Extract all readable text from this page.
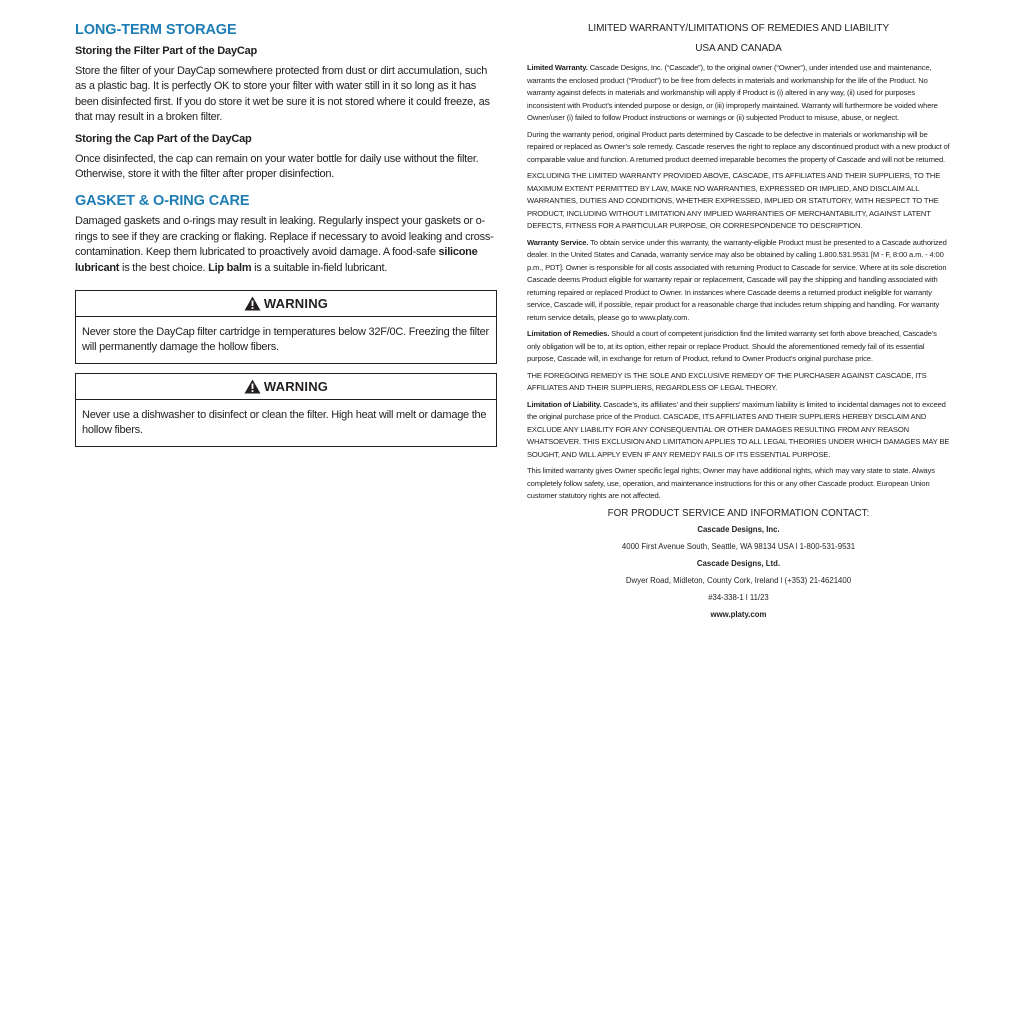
LONG-TERM STORAGE
Storing the Filter Part of the DayCap

Store the filter of your DayCap somewhere protected from dust or dirt accumulation, such as a plastic bag. It is perfectly OK to store your filter with water still in it so long as it has been disinfected first. If you do store it wet be sure it is not stored where it could freeze, as that may result in a broken filter.

Storing the Cap Part of the DayCap

Once disinfected, the cap can remain on your water bottle for daily use without the filter. Otherwise, store it with the filter after proper disinfection.

GASKET & O-RING CARE

Damaged gaskets and o-rings may result in leaking. Regularly inspect your gaskets or o-rings to see if they are cracking or flaking. Replace if necessary to avoid leaking and cross-contamination. Keep them lubricated to proactively avoid damage. A food-safe silicone lubricant is the best choice. Lip balm is a suitable in-field lubricant.

WARNING
Never store the DayCap filter cartridge in temperatures below 32F/0C. Freezing the filter will permanently damage the hollow fibers.
WARNING
Never use a dishwasher to disinfect or clean the filter. High heat will melt or damage the hollow fibers.
LIMITED WARRANTY/LIMITATIONS OF REMEDIES AND LIABILITY
USA AND CANADA

Limited Warranty. Cascade Designs, Inc. (“Cascade”), to the original owner (“Owner”), under intended use and maintenance, warrants the enclosed product (“Product”) to be free from defects in materials and workmanship for the life of the Product. No warranty against defects in materials and workmanship will apply if Product is (i) altered in any way, (ii) used for purposes inconsistent with Product’s intended purpose or design, or (iii) improperly maintained. Warranty will furthermore be voided where Owner/user (i) failed to follow Product instructions or warnings or (ii) subjected Product to misuse, abuse, or neglect.

During the warranty period, original Product parts determined by Cascade to be defective in materials or workmanship will be repaired or replaced as Owner’s sole remedy. Cascade reserves the right to replace any discontinued product with a new product of comparable value and function. A returned product deemed irreparable becomes the property of Cascade and will not be returned.

EXCLUDING THE LIMITED WARRANTY PROVIDED ABOVE, CASCADE, ITS AFFILIATES AND THEIR SUPPLIERS, TO THE MAXIMUM EXTENT PERMITTED BY LAW, MAKE NO WARRANTIES, EXPRESSED OR IMPLIED, AND DISCLAIM ALL WARRANTIES, DUTIES AND CONDITIONS, WHETHER EXPRESSED, IMPLIED OR STATUTORY, WITH RESPECT TO THE PRODUCT, INCLUDING WITHOUT LIMITATION ANY IMPLIED WARRANTIES OF MERCHANTABILITY, AGAINST LATENT DEFECTS, FITNESS FOR A PARTICULAR PURPOSE, OR CORRESPONDENCE TO DESCRIPTION.

Warranty Service. To obtain service under this warranty, the warranty-eligible Product must be presented to a Cascade authorized dealer. In the United States and Canada, warranty service may also be obtained by calling 1.800.531.9531 [M - F, 8:00 a.m. - 4:00 p.m., PDT]. Owner is responsible for all costs associated with returning Product to Cascade for service. Where at its sole discretion Cascade deems Product eligible for warranty repair or replacement, Cascade will pay the shipping and handling associated with returning repaired or replaced Product to Owner. In instances where Cascade deems a returned product ineligible for warranty service, Cascade will, if possible, repair product for a reasonable charge that includes return shipping and handling. For warranty return service details, please go to www.platy.com.

Limitation of Remedies. Should a court of competent jurisdiction find the limited warranty set forth above breached, Cascade’s only obligation will be to, at its option, either repair or replace Product. Should the aforementioned remedy fail of its essential purpose, Cascade will, in exchange for return of Product, refund to Owner Product’s original purchase price.

THE FOREGOING REMEDY IS THE SOLE AND EXCLUSIVE REMEDY OF THE PURCHASER AGAINST CASCADE, ITS AFFILIATES AND THEIR SUPPLIERS, REGARDLESS OF LEGAL THEORY.

Limitation of Liability. Cascade’s, its affiliates’ and their suppliers’ maximum liability is limited to incidental damages not to exceed the original purchase price of the Product. CASCADE, ITS AFFILIATES AND THEIR SUPPLIERS HEREBY DISCLAIM AND EXCLUDE ANY LIABILITY FOR ANY CONSEQUENTIAL OR OTHER DAMAGES RESULTING FROM ANY REASON WHATSOEVER. THIS EXCLUSION AND LIMITATION APPLIES TO ALL LEGAL THEORIES UNDER WHICH DAMAGES MAY BE SOUGHT, AND WILL APPLY EVEN IF ANY REMEDY FAILS OF ITS ESSENTIAL PURPOSE.

This limited warranty gives Owner specific legal rights; Owner may have additional rights, which may vary state to state. Always completely follow safety, use, operation, and maintenance instructions for this or any other Cascade product. European Union customer statutory rights are not affected.

FOR PRODUCT SERVICE AND INFORMATION CONTACT:
Cascade Designs, Inc.
4000 First Avenue South, Seattle, WA 98134 USA l 1-800-531-9531
Cascade Designs, Ltd.
Dwyer Road, Midleton, County Cork, Ireland l (+353) 21-4621400
#34-338-1 l 11/23
www.platy.com
